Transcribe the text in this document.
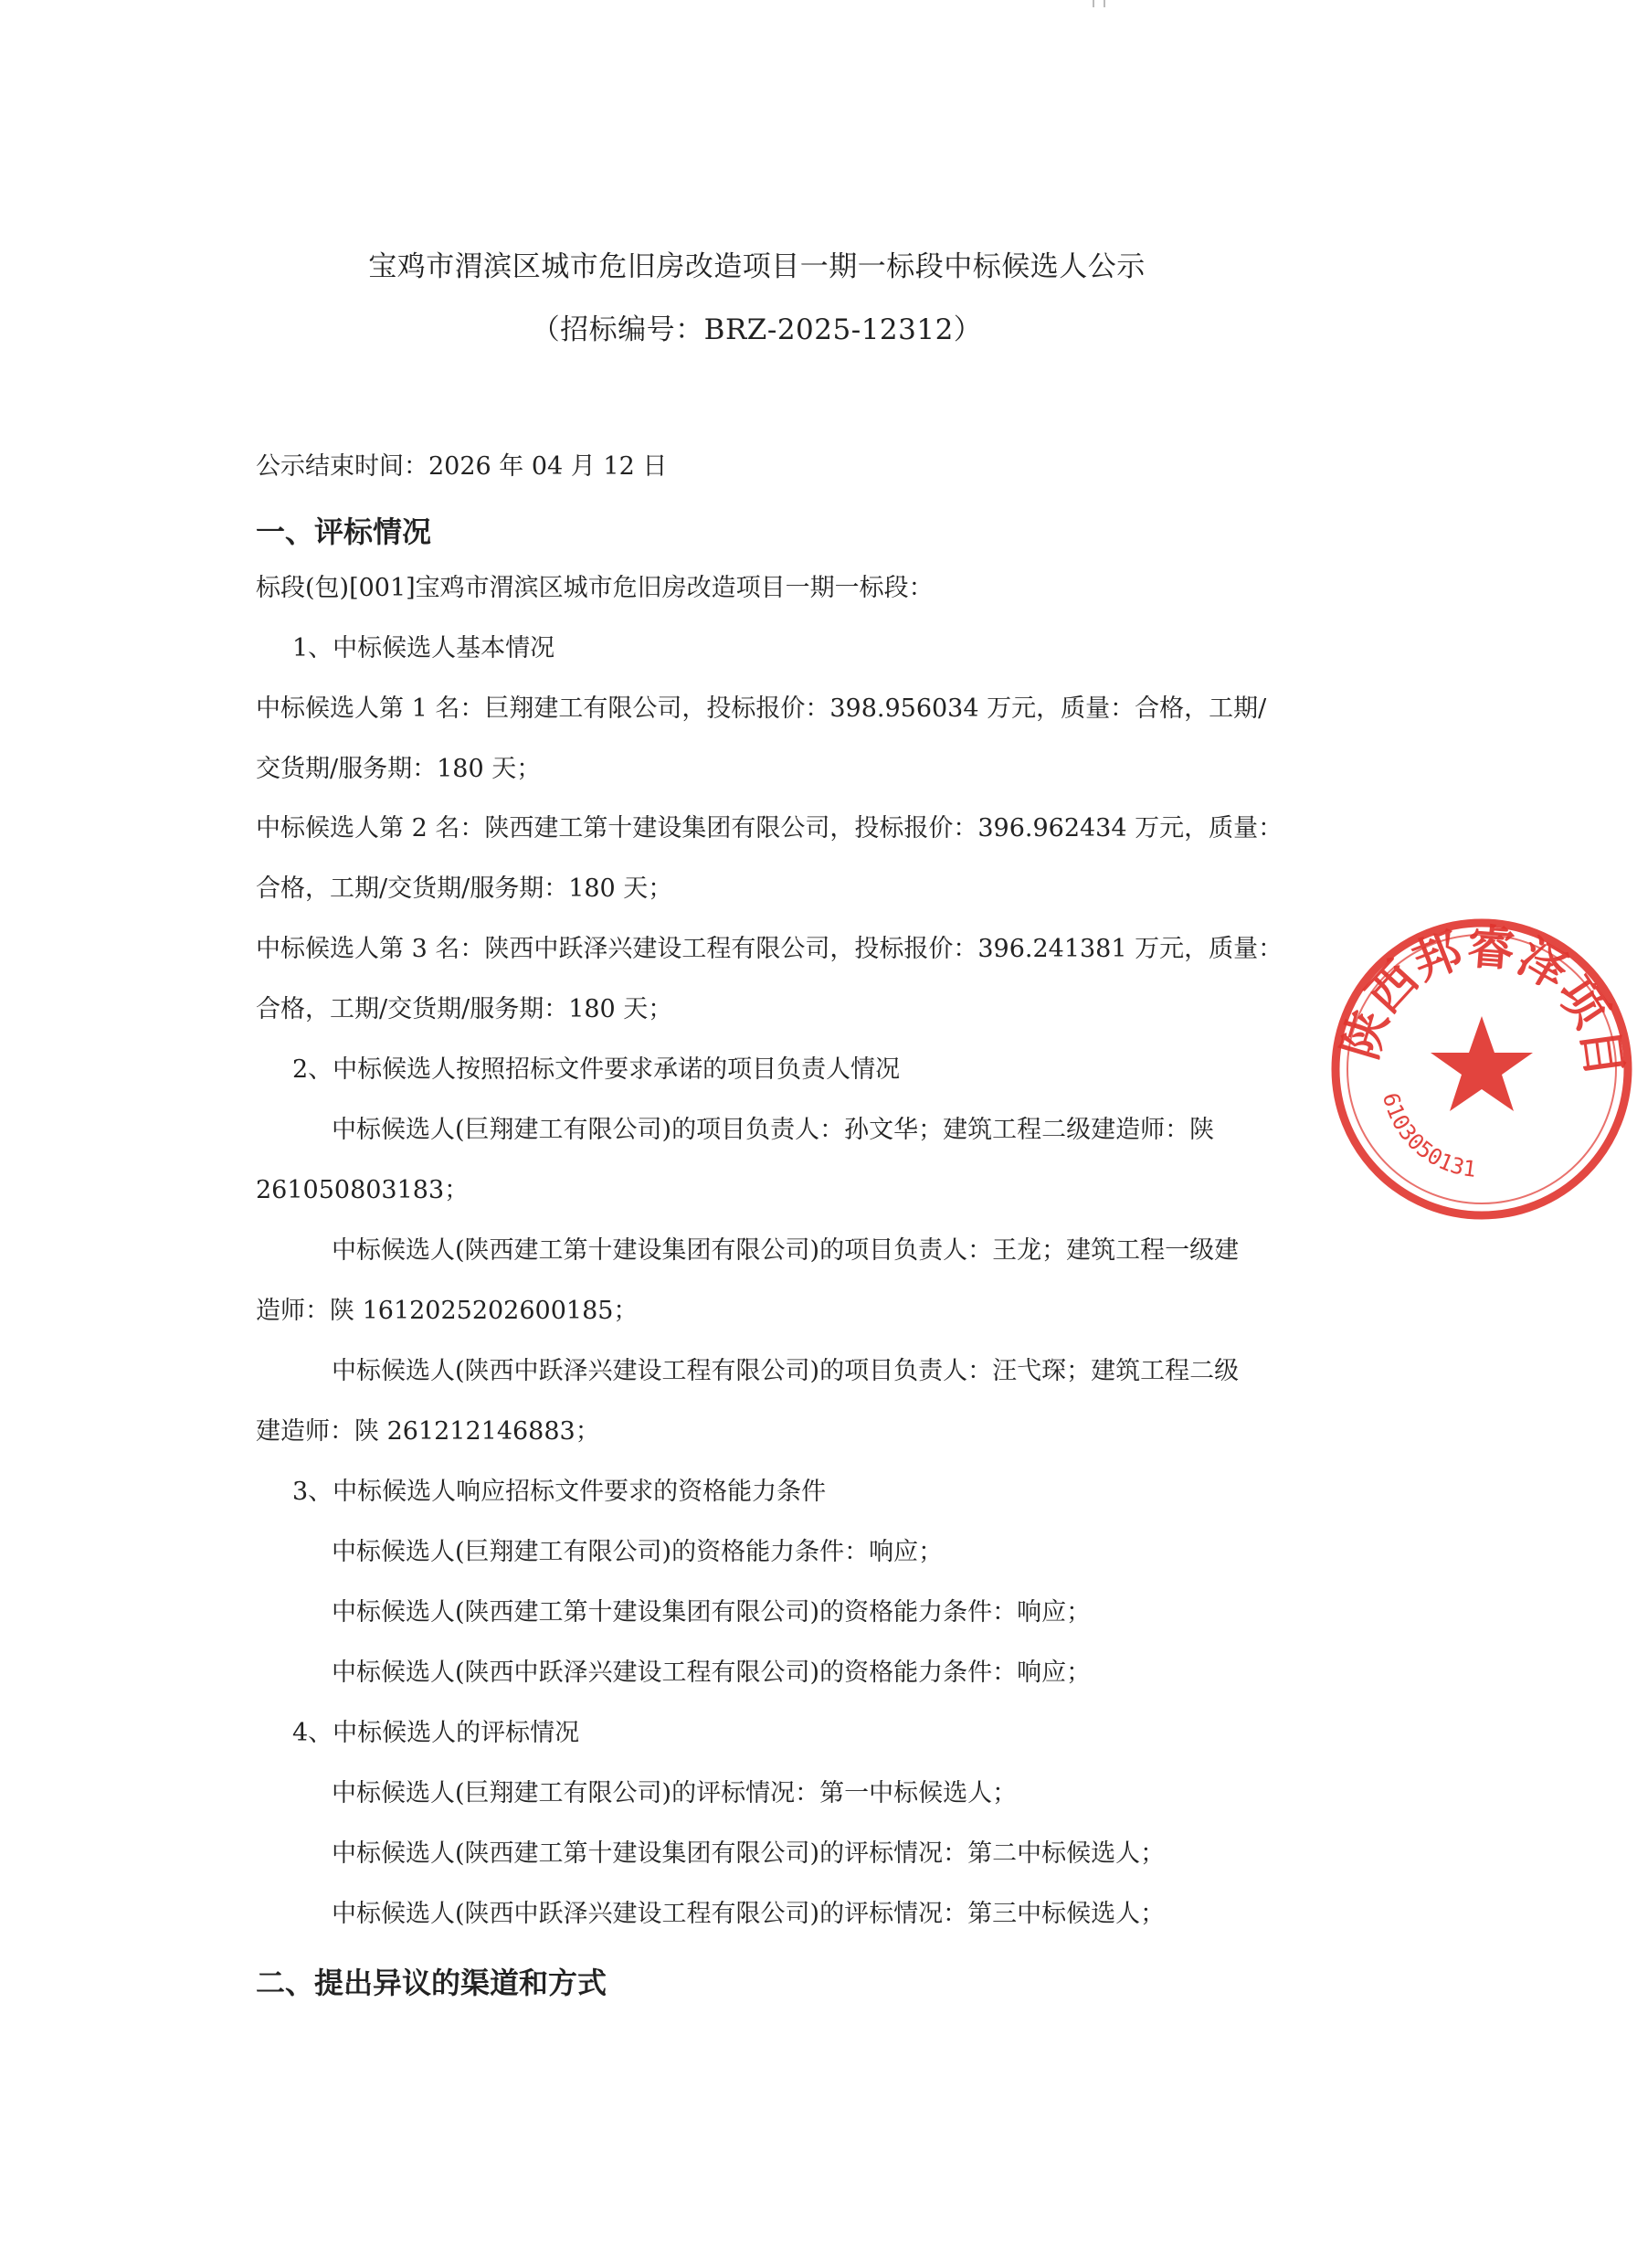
宝鸡市渭滨区城市危旧房改造项目一期一标段中标候选人公示
（招标编号：BRZ-2025-12312）
公示结束时间：2026 年 04 月 12 日
一、评标情况
标段(包)[001]宝鸡市渭滨区城市危旧房改造项目一期一标段：
1、中标候选人基本情况
中标候选人第 1 名：巨翔建工有限公司，投标报价：398.956034 万元，质量：合格，工期/
交货期/服务期：180 天；
中标候选人第 2 名：陕西建工第十建设集团有限公司，投标报价：396.962434 万元，质量：
合格，工期/交货期/服务期：180 天；
中标候选人第 3 名：陕西中跃泽兴建设工程有限公司，投标报价：396.241381 万元，质量：
合格，工期/交货期/服务期：180 天；
2、中标候选人按照招标文件要求承诺的项目负责人情况
中标候选人(巨翔建工有限公司)的项目负责人：孙文华；建筑工程二级建造师：陕
261050803183；
中标候选人(陕西建工第十建设集团有限公司)的项目负责人：王龙；建筑工程一级建
造师：陕 1612025202600185；
中标候选人(陕西中跃泽兴建设工程有限公司)的项目负责人：汪弋琛；建筑工程二级
建造师：陕 261212146883；
3、中标候选人响应招标文件要求的资格能力条件
中标候选人(巨翔建工有限公司)的资格能力条件：响应；
中标候选人(陕西建工第十建设集团有限公司)的资格能力条件：响应；
中标候选人(陕西中跃泽兴建设工程有限公司)的资格能力条件：响应；
4、中标候选人的评标情况
中标候选人(巨翔建工有限公司)的评标情况：第一中标候选人；
中标候选人(陕西建工第十建设集团有限公司)的评标情况：第二中标候选人；
中标候选人(陕西中跃泽兴建设工程有限公司)的评标情况：第三中标候选人；
二、提出异议的渠道和方式
陕西邦睿泽项目
6103050131
